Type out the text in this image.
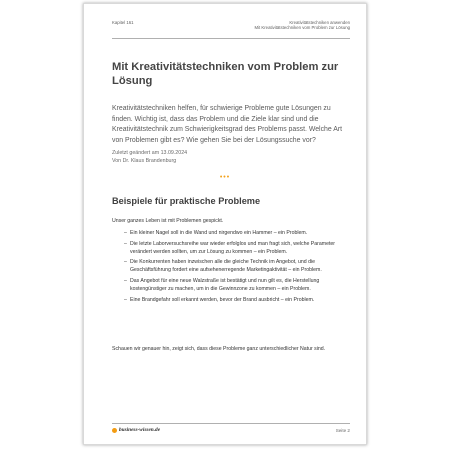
Kapitel 161	Kreativitätstechniken anwenden
Mit Kreativitätstechniken vom Problem zur Lösung
Mit Kreativitätstechniken vom Problem zur Lösung

Kreativitätstechniken helfen, für schwierige Probleme gute Lösungen zu finden. Wichtig ist, dass das Problem und die Ziele klar sind und die Kreativitätstechnik zum Schwierigkeitsgrad des Problems passt. Welche Art von Problemen gibt es? Wie gehen Sie bei der Lösungssuche vor?

Zuletzt geändert am 13.09.2024
Von Dr. Klaus Brandenburg
•••
Beispiele für praktische Probleme

Unser ganzes Leben ist mit Problemen gespickt.

– Ein kleiner Nagel soll in die Wand und nirgendwo ein Hammer – ein Problem.
– Die letzte Laborversuchsreihe war wieder erfolglos und man fragt sich, welche Parameter verändert werden sollten, um zur Lösung zu kommen – ein Problem.
– Die Konkurrenten haben inzwischen alle die gleiche Technik im Angebot, und die Geschäftsführung fordert eine aufsehenerregende Marketingaktivität – ein Problem.
– Das Angebot für eine neue Walzstraße ist bestätigt und nun gilt es, die Herstellung kostengünstiger zu machen, um in die Gewinnzone zu kommen – ein Problem.
– Eine Brandgefahr soll erkannt werden, bevor der Brand ausbricht – ein Problem.

Schauen wir genauer hin, zeigt sich, dass diese Probleme ganz unterschiedlicher Natur sind.

business-wissen.de	Seite 2
